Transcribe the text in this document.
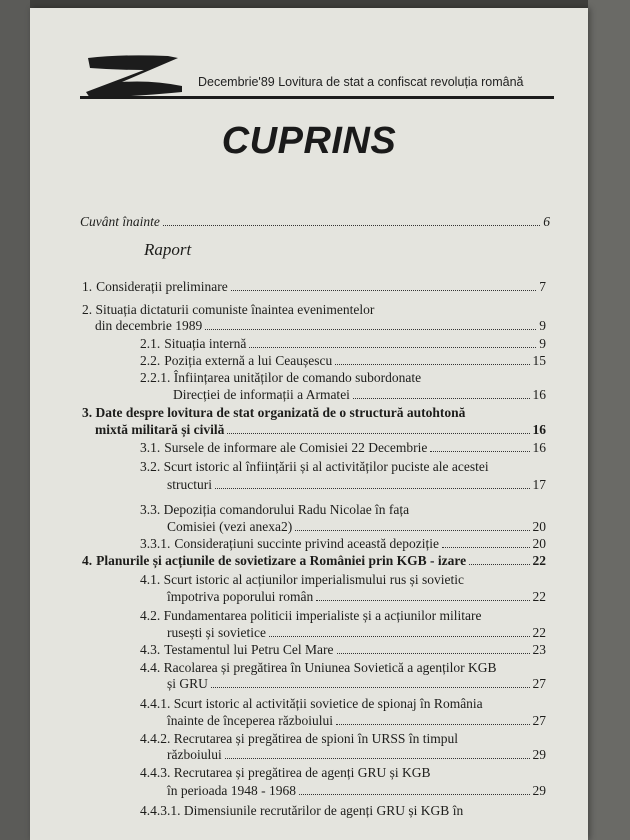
Decembrie'89 Lovitura de stat a confiscat revoluția română
CUPRINS
Cuvânt înainte	6
Raport
1. Considerații preliminare	7
2. Situația dictaturii comuniste înaintea evenimentelor
din decembrie 1989	9
2.1. Situația internă	9
2.2. Poziția externă a lui Ceaușescu	15
2.2.1. Înființarea unităților de comando subordonate
Direcției de informații a Armatei	16
3. Date despre lovitura de stat organizată de o structură autohtonă
mixtă militară și civilă	16
3.1. Sursele de informare ale Comisiei 22 Decembrie	16
3.2. Scurt istoric al înființării și al activităților puciste ale acestei
structuri	17
3.3. Depoziția comandorului Radu Nicolae în fața
Comisiei (vezi anexa2)	20
3.3.1. Considerațiuni succinte privind această depoziție	20
4. Planurile și acțiunile de sovietizare a României prin KGB - izare	22
4.1. Scurt istoric al acțiunilor imperialismului rus și sovietic
împotriva poporului român	22
4.2. Fundamentarea politicii imperialiste și a acțiunilor militare
rusești și sovietice	22
4.3. Testamentul lui Petru Cel Mare	23
4.4. Racolarea și pregătirea în Uniunea Sovietică a agenților KGB
și GRU	27
4.4.1. Scurt istoric al activității sovietice de spionaj în România
înainte de începerea războiului	27
4.4.2. Recrutarea și pregătirea de spioni în URSS în timpul
războiului	29
4.4.3. Recrutarea și pregătirea de agenți GRU și KGB
în perioada 1948 - 1968	29
4.4.3.1. Dimensiunile recrutărilor de agenți GRU și KGB în
